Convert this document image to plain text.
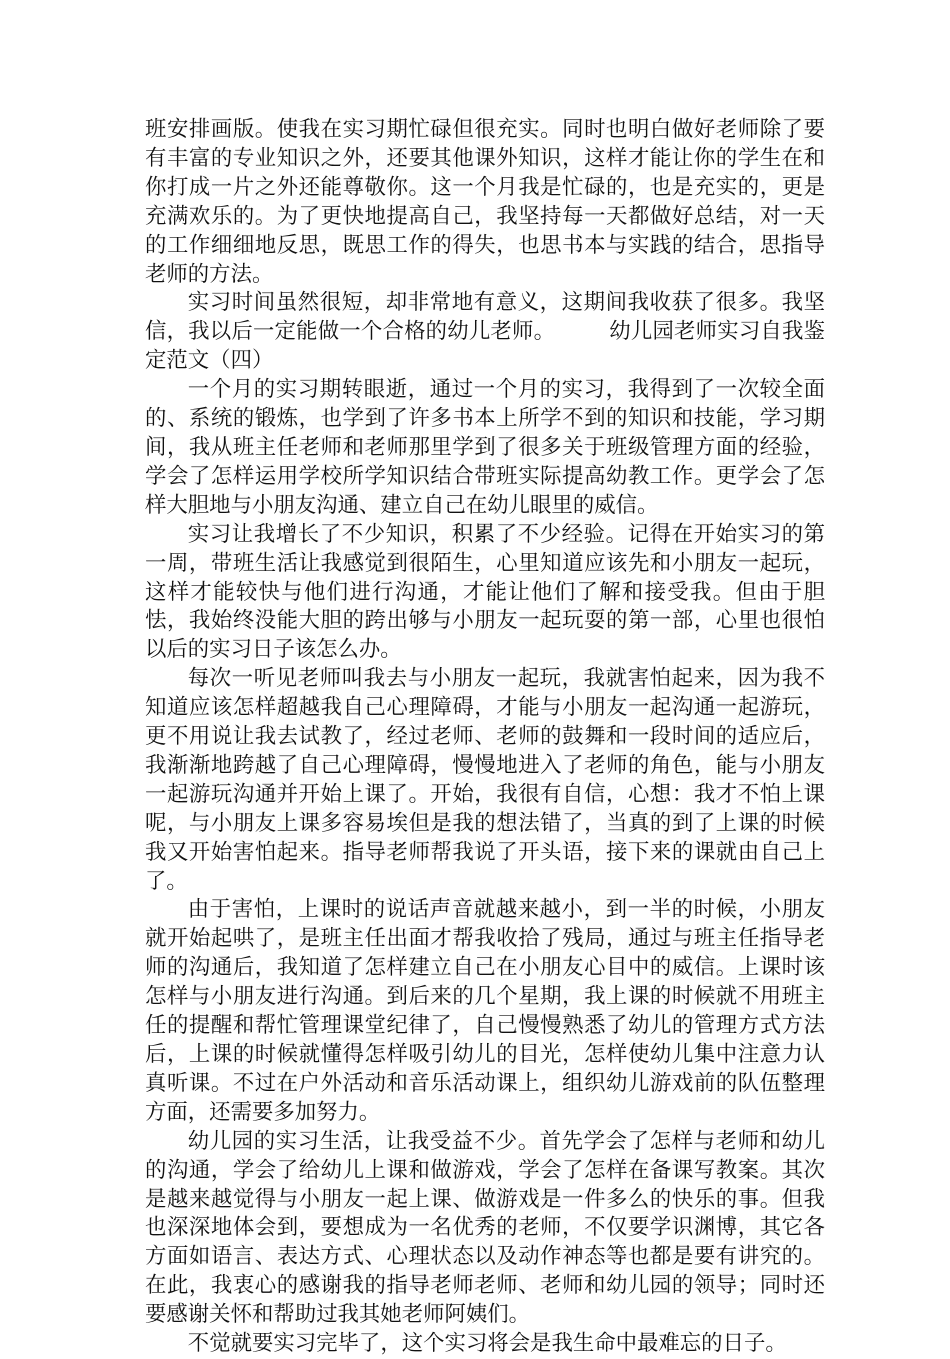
班安排画版。使我在实习期忙碌但很充实。同时也明白做好老师除了要有丰富的专业知识之外，还要其他课外知识，这样才能让你的学生在和你打成一片之外还能尊敬你。这一个月我是忙碌的，也是充实的，更是充满欢乐的。为了更快地提高自己，我坚持每一天都做好总结，对一天的工作细细地反思，既思工作的得失，也思书本与实践的结合，思指导老师的方法。

实习时间虽然很短，却非常地有意义，这期间我收获了很多。我坚信，我以后一定能做一个合格的幼儿老师。　　　	幼儿园老师实习自我鉴定范文（四）

一个月的实习期转眼逝，通过一个月的实习，我得到了一次较全面的、系统的锻炼，也学到了许多书本上所学不到的知识和技能，学习期间，我从班主任老师和老师那里学到了很多关于班级管理方面的经验，学会了怎样运用学校所学知识结合带班实际提高幼教工作。更学会了怎样大胆地与小朋友沟通、建立自己在幼儿眼里的威信。

实习让我增长了不少知识，积累了不少经验。记得在开始实习的第一周，带班生活让我感觉到很陌生，心里知道应该先和小朋友一起玩，这样才能较快与他们进行沟通，才能让他们了解和接受我。但由于胆怯，我始终没能大胆的跨出够与小朋友一起玩耍的第一部，心里也很怕以后的实习日子该怎么办。

每次一听见老师叫我去与小朋友一起玩，我就害怕起来，因为我不知道应该怎样超越我自己心理障碍，才能与小朋友一起沟通一起游玩，更不用说让我去试教了，经过老师、老师的鼓舞和一段时间的适应后，我渐渐地跨越了自己心理障碍，慢慢地进入了老师的角色，能与小朋友一起游玩沟通并开始上课了。开始，我很有自信，心想：我才不怕上课呢，与小朋友上课多容易埃但是我的想法错了，当真的到了上课的时候我又开始害怕起来。指导老师帮我说了开头语，接下来的课就由自己上了。

由于害怕，上课时的说话声音就越来越小，到一半的时候，小朋友就开始起哄了，是班主任出面才帮我收拾了残局，通过与班主任指导老师的沟通后，我知道了怎样建立自己在小朋友心目中的威信。上课时该怎样与小朋友进行沟通。到后来的几个星期，我上课的时候就不用班主任的提醒和帮忙管理课堂纪律了，自己慢慢熟悉了幼儿的管理方式方法后，上课的时候就懂得怎样吸引幼儿的目光，怎样使幼儿集中注意力认真听课。不过在户外活动和音乐活动课上，组织幼儿游戏前的队伍整理方面，还需要多加努力。

幼儿园的实习生活，让我受益不少。首先学会了怎样与老师和幼儿的沟通，学会了给幼儿上课和做游戏，学会了怎样在备课写教案。其次是越来越觉得与小朋友一起上课、做游戏是一件多么的快乐的事。但我也深深地体会到，要想成为一名优秀的老师，不仅要学识渊博，其它各方面如语言、表达方式、心理状态以及动作神态等也都是要有讲究的。在此，我衷心的感谢我的指导老师老师、老师和幼儿园的领导；同时还要感谢关怀和帮助过我其她老师阿姨们。

不觉就要实习完毕了，这个实习将会是我生命中最难忘的日子。
